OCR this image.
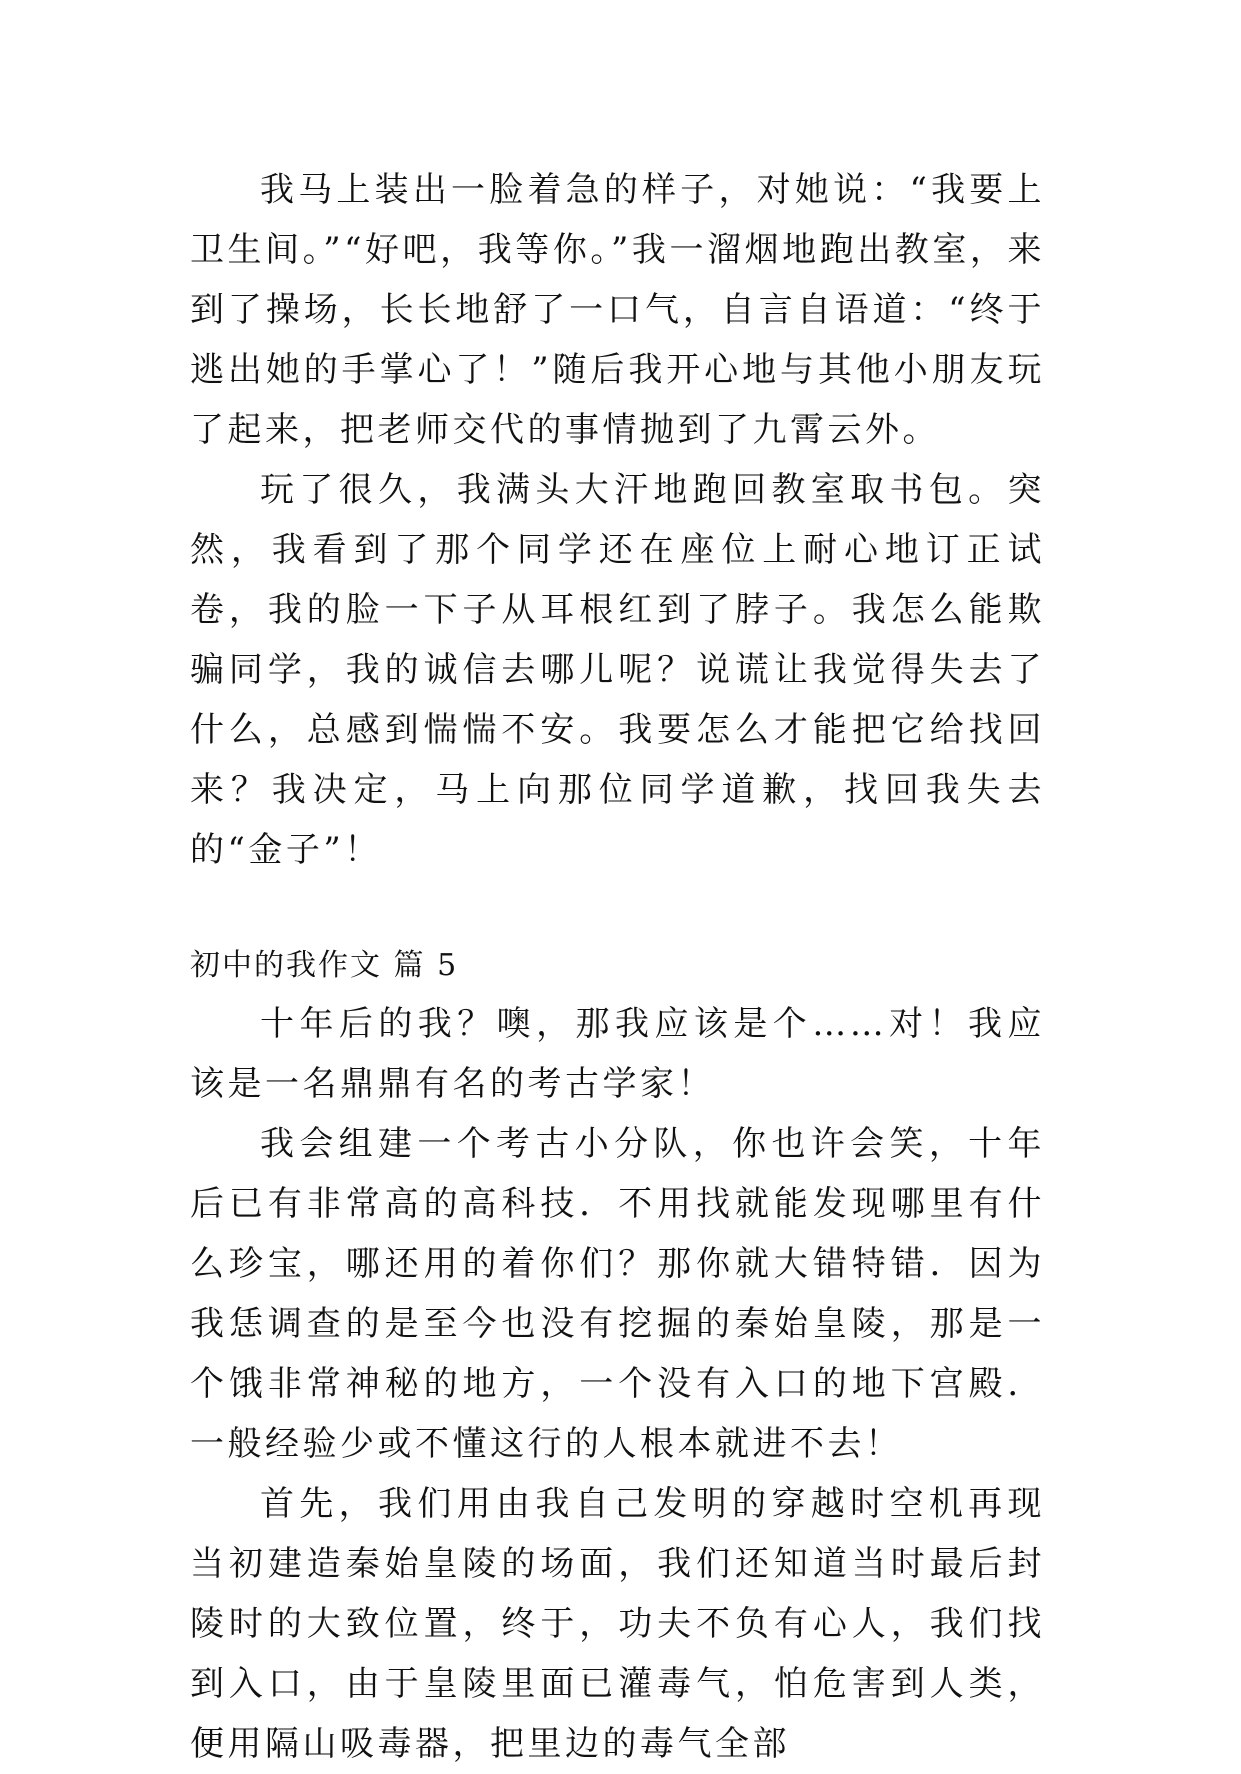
我马上装出一脸着急的样子，对她说：“我要上卫生间。”“好吧，我等你。”我一溜烟地跑出教室，来到了操场，长长地舒了一口气，自言自语道：“终于逃出她的手掌心了！”随后我开心地与其他小朋友玩了起来，把老师交代的事情抛到了九霄云外。

玩了很久，我满头大汗地跑回教室取书包。突然，我看到了那个同学还在座位上耐心地订正试卷，我的脸一下子从耳根红到了脖子。我怎么能欺骗同学，我的诚信去哪儿呢？说谎让我觉得失去了什么，总感到惴惴不安。我要怎么才能把它给找回来？我决定，马上向那位同学道歉，找回我失去的“金子”！

初中的我作文 篇 5

十年后的我？噢，那我应该是个……对！我应该是一名鼎鼎有名的考古学家！

我会组建一个考古小分队，你也许会笑，十年后已有非常高的高科技．不用找就能发现哪里有什么珍宝，哪还用的着你们？那你就大错特错．因为我恁调查的是至今也没有挖掘的秦始皇陵，那是一个饿非常神秘的地方，一个没有入口的地下宫殿．一般经验少或不懂这行的人根本就进不去！

首先，我们用由我自己发明的穿越时空机再现当初建造秦始皇陵的场面，我们还知道当时最后封陵时的大致位置，终于，功夫不负有心人，我们找到入口，由于皇陵里面已灌毒气，怕危害到人类，便用隔山吸毒器，把里边的毒气全部
